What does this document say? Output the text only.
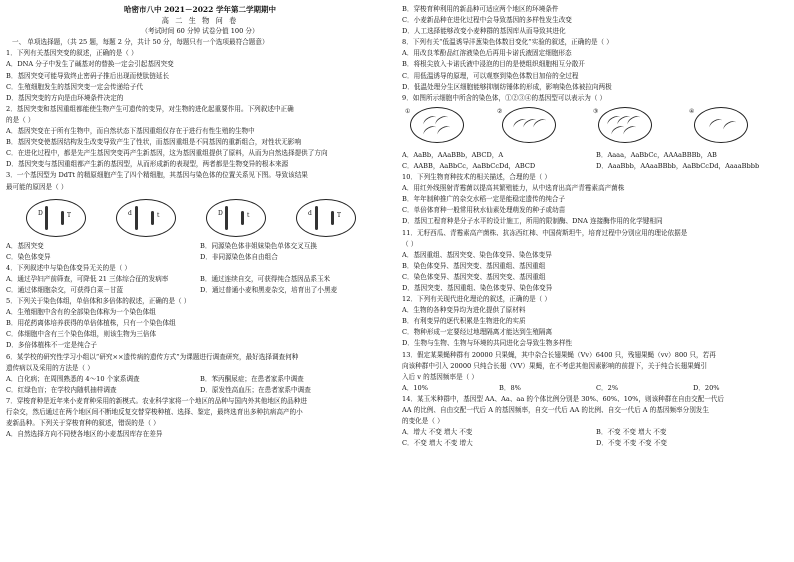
哈密市八中 2021－2022 学年第二学期期中
高 二 生 物 问 卷
（考试时间 60 分钟 试卷分值 100 分）
一、 单项选择题，（共 25 题，每题 2 分，共计 50 分，每题只有一个选项最符合题意）
1．下列有关基因突变的叙述，正确的是（ ）
A．DNA 分子中发生了碱基对的替换一定会引起基因突变
B．基因突变可能导致终止密码子推后出现而使肽链延长
C．生殖细胞发生的基因突变一定会传递给子代
D．基因突变的方向是由环境条件决定的
2．基因突变和基因重组都能使生物产生可遗传的变异，对生物的进化起重要作用。下列叙述中正确
的是（ ）
A．基因突变在于所有生物中，而自然状态下基因重组仅存在于进行有性生殖的生物中
B．基因突变使基因结构发生改变导致产生了性状，而基因重组是不同基因的重新组合，对性状无影响
C．在进化过程中，都是先产生基因突变再产生新基因，这为基因重组提供了原料，从而为自然选择提供了方向
D．基因突变与基因重组都产生新的基因型，从而形成新的表现型，两者都是生物变异的根本来源
3．一个基因型为 DdTt 的精原细胞产生了四个精细胞，其基因与染色体的位置关系见下图。导致该结果
最可能的原因是（ ）
D	T	d	t	D	t	d	T
A．基因突变	B．同源染色体非姐妹染色单体交叉互换
C．染色体变异	D．非同源染色体自由组合
4．下列叙述中与染色体变异无关的是（ ）
A．通过孕妇产前筛查，可降低 21 三体综合征的发病率	B．通过连续自交，可获得纯合基因品系玉米
C．通过体细胞杂交，可获得白菜－甘蓝	D．通过普通小麦和黑麦杂交，培育出了小黑麦
5．下列关于染色体组，单倍体和多倍体的叙述，正确的是（ ）
A．生殖细胞中含有的全部染色体称为一个染色体组
B．用花药离体培养获得的单倍体植株，只有一个染色体组
C．体细胞中含有三个染色体组，则该生物为三倍体
D．多倍体植株不一定是纯合子
6．某学校的研究性学习小组以“研究××遗传病的遗传方式”为课题进行调查研究，最好选择调查何种
遗传病以及采用的方法是（ ）
A．白化病；在周围熟悉的 4～10 个家系调查	B．苯丙酮尿症；在患者家系中调查
C．红绿色盲；在学校内随机抽样调查	D．原发性高血压；在患者家系中调查
7．穿梭育种是近年来小麦育种采用的新模式。农业科学家将一个地区的品种与国内外其他地区的品种进
行杂交，然后通过在两个地区间不断地反复交替穿梭种植、选择、鉴定，最终选育出多种抗病高产的小
麦新品种。下列关于穿梭育种的叙述，错误的是（ ）
A．自然选择方向不同使各地区的小麦基因库存在差异
B．穿梭育种利用的新品种可适应两个地区的环境条件
C．小麦新品种在进化过程中会导致基因的多样性发生改变
D．人工选择能够改变小麦种群的基因库从而导致其进化
8．下列有关“低温诱导洋葱染色体数目变化”实验的叙述，正确的是（ ）
A．用改良苯酚品红溶液染色后再用卡诺氏液固定细胞形态
B．将根尖放入卡诺氏液中浸泡的目的是使组织细胞相互分散开
C．用低温诱导的原理，可以观察到染色体数目加倍的全过程
D．低温处理分生区细胞能够抑制纺锤体的形成，影响染色体被拉向两极
9．如图所示细胞中所含的染色体，①②③④的基因型可以表示为（ ）
①	②	③	④
A．AaBb，AAaBBb，ABCD，A	B．Aaaa，AaBbCc，AAAaBBBb，AB
C．AABB，AaBbCc，AaBbCcDd，ABCD	D．AaaBbb，AAaaBBbb，AaBbCcDd，AaaaBbbb
10．下列生物育种技术的相关描述，合理的是（ ）
A．用红外线照射青霉菌以提高其繁殖能力，从中选育出高产青霉素高产菌株
B．年年制种推广的杂交水稻一定是能稳定遗传的纯合子
C．单倍体育种一般常用秋水仙素处理萌发的种子或幼苗
D．基因工程育种是分子水平的设计施工，所用的限制酶、DNA 连接酶作用的化学键相同
11．无籽西瓜、青霉素高产菌株、抗冻西红柿、中国荷斯坦牛，培育过程中分别应用的理论依据是
（ ）
A．基因重组、基因突变、染色体变异、染色体变异
B．染色体变异、基因突变、基因重组、基因重组
C．染色体变异、基因突变、基因突变、基因重组
D．基因突变、基因重组、染色体变异、染色体变异
12．下列有关现代进化理论的叙述，正确的是（ ）
A．生物的各种变异均为进化提供了原材料
B．有利变异的逐代积累是生物进化的实质
C．物种形成一定要经过地理隔离才能达到生殖隔离
D．生物与生物、生物与环境的共同进化会导致生物多样性
13．假定某果蝇种群有 20000 只果蝇，其中杂合长翅果蝇（Vv）6400 只，残翅果蝇（vv）800 只，若再
向该种群中引入 20000 只纯合长翅（VV）果蝇，在不考虑其他因素影响的前提下，关于纯合长翅果蝇引
入后 v 的基因频率是（ ）
A．10%	B．8%	C．2%	D．20%
14．某玉米种群中，基因型 AA、Aa、aa 的个体比例分别是 30%、60%、10%，则该种群在自由交配一代后
AA 的比例、自由交配一代后 A 的基因频率，自交一代后 AA 的比例、自交一代后 A 的基因频率分别发生
的变化是（ ）
A．增大 不变 增大 不变	B．不变 不变 增大 不变
C．不变 增大 不变 增大	D．不变 不变 不变 不变
